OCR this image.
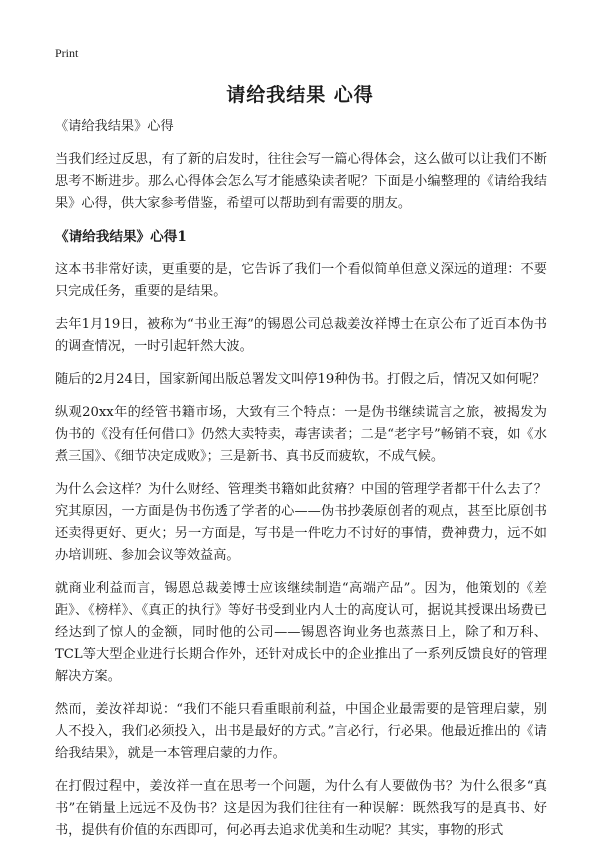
Print
请给我结果 心得

《请给我结果》心得

当我们经过反思，有了新的启发时，往往会写一篇心得体会，这么做可以让我们不断思考不断进步。那么心得体会怎么写才能感染读者呢？下面是小编整理的《请给我结果》心得，供大家参考借鉴，希望可以帮助到有需要的朋友。

《请给我结果》心得1

这本书非常好读，更重要的是，它告诉了我们一个看似简单但意义深远的道理：不要只完成任务，重要的是结果。

去年1月19日，被称为“书业王海”的锡恩公司总裁姜汝祥博士在京公布了近百本伪书的调查情况，一时引起轩然大波。

随后的2月24日，国家新闻出版总署发文叫停19种伪书。打假之后，情况又如何呢？

纵观20xx年的经管书籍市场，大致有三个特点：一是伪书继续谎言之旅，被揭发为伪书的《没有任何借口》仍然大卖特卖，毒害读者；二是“老字号”畅销不衰，如《水煮三国》、《细节决定成败》；三是新书、真书反而疲软，不成气候。

为什么会这样？为什么财经、管理类书籍如此贫瘠？中国的管理学者都干什么去了？究其原因，一方面是伪书伤透了学者的心——伪书抄袭原创者的观点，甚至比原创书还卖得更好、更火；另一方面是，写书是一件吃力不讨好的事情，费神费力，远不如办培训班、参加会议等效益高。

就商业利益而言，锡恩总裁姜博士应该继续制造“高端产品”。因为，他策划的《差距》、《榜样》、《真正的执行》等好书受到业内人士的高度认可，据说其授课出场费已经达到了惊人的金额，同时他的公司——锡恩咨询业务也蒸蒸日上，除了和万科、TCL等大型企业进行长期合作外，还针对成长中的企业推出了一系列反馈良好的管理解决方案。

然而，姜汝祥却说：“我们不能只看重眼前利益，中国企业最需要的是管理启蒙，别人不投入，我们必须投入，出书是最好的方式。”言必行，行必果。他最近推出的《请给我结果》，就是一本管理启蒙的力作。

在打假过程中，姜汝祥一直在思考一个问题，为什么有人要做伪书？为什么很多“真书”在销量上远远不及伪书？这是因为我们往往有一种误解：既然我写的是真书、好书，提供有价值的东西即可，何必再去追求优美和生动呢？其实，事物的形式
